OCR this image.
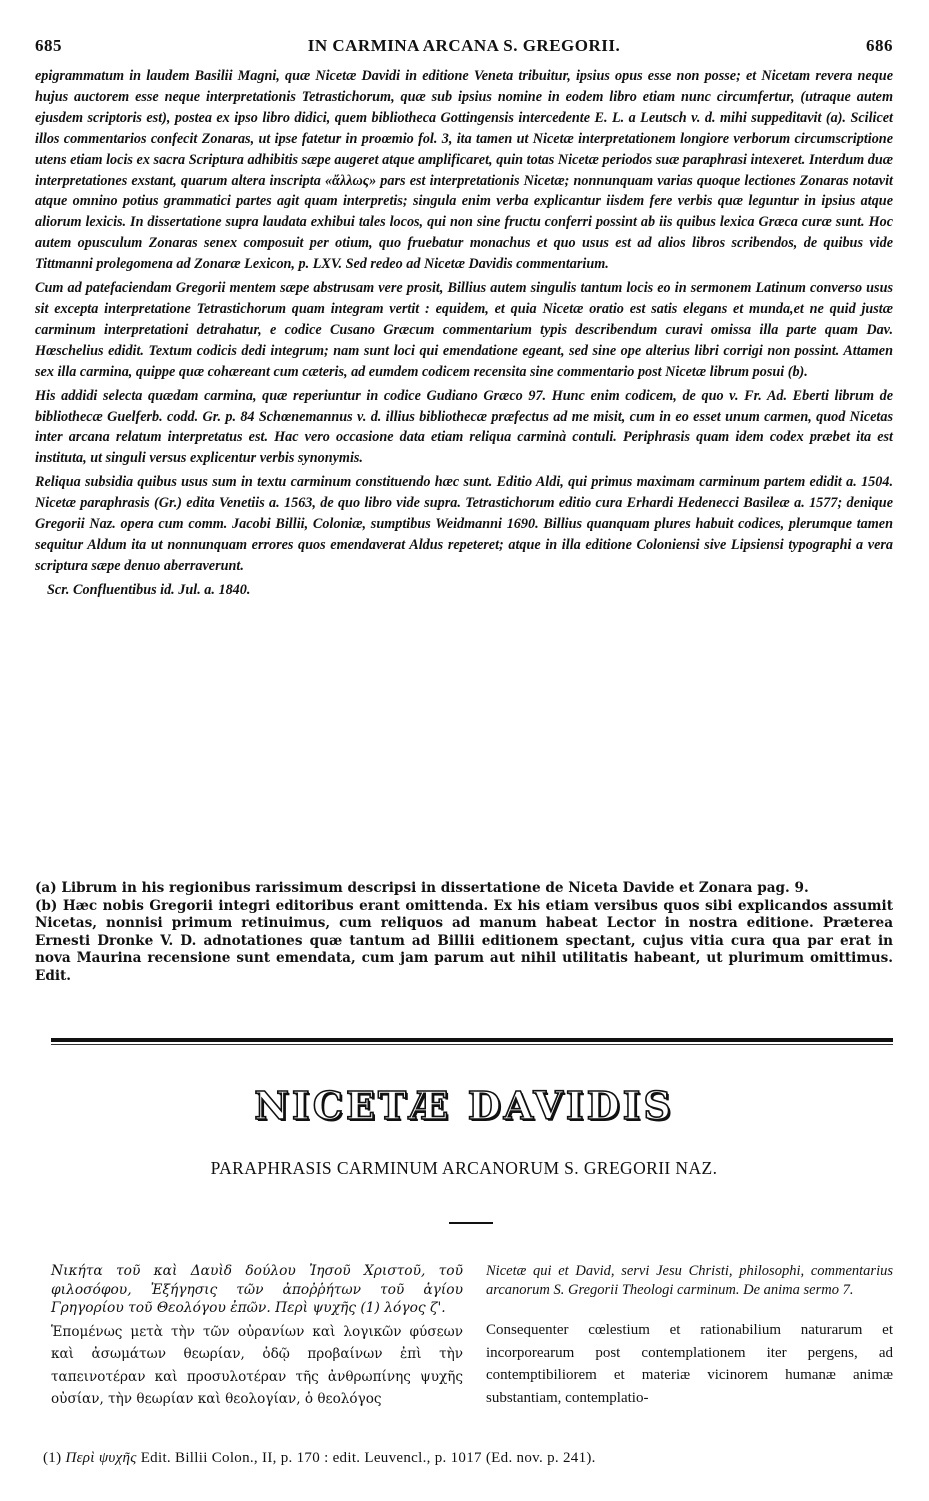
685	IN CARMINA ARCANA S. GREGORII.	686

epigrammatum in laudem Basilii Magni, quæ Nicetæ Davidi in editione Veneta tribuitur, ipsius opus esse non posse; et Nicetam revera neque hujus auctorem esse neque interpretationis Tetrastichorum, quæ sub ipsius nomine in eodem libro etiam nunc circumfertur, (utraque autem ejusdem scriptoris est), postea ex ipso libro didici, quem bibliotheca Gottingensis intercedente E. L. a Leutsch v. d. mihi suppeditavit (a). Scilicet illos commentarios confecit Zonaras, ut ipse fatetur in proœmio fol. 3, ita tamen ut Nicetæ interpretationem longiore verborum circumscriptione utens etiam locis ex sacra Scriptura adhibitis sæpe augeret atque amplificaret, quin totas Nicetæ periodos suæ paraphrasi intexeret. Interdum duæ interpretationes exstant, quarum altera inscripta «ἄλλως» pars est interpretationis Nicetæ; nonnunquam varias quoque lectiones Zonaras notavit atque omnino potius grammatici partes agit quam interpretis; singula enim verba explicantur iisdem fere verbis quæ leguntur in ipsius atque aliorum lexicis. In dissertatione supra laudata exhibui tales locos, qui non sine fructu conferri possint ab iis quibus lexica Græca curæ sunt. Hoc autem opusculum Zonaras senex composuit per otium, quo fruebatur monachus et quo usus est ad alios libros scribendos, de quibus vide Tittmanni prolegomena ad Zonaræ Lexicon, p. LXV. Sed redeo ad Nicetæ Davidis commentarium.

Cum ad patefaciendam Gregorii mentem sæpe abstrusam vere prosit, Billius autem singulis tantum locis eo in sermonem Latinum converso usus sit excepta interpretatione Tetrastichorum quam integram vertit : equidem, et quia Nicetæ oratio est satis elegans et munda,et ne quid justæ carminum interpretationi detrahatur, e codice Cusano Græcum commentarium typis describendum curavi omissa illa parte quam Dav. Hœschelius edidit. Textum codicis dedi integrum; nam sunt loci qui emendatione egeant, sed sine ope alterius libri corrigi non possint. Attamen sex illa carmina, quippe quæ cohæreant cum cæteris, ad eumdem codicem recensita sine commentario post Nicetæ librum posui (b).

His addidi selecta quædam carmina, quæ reperiuntur in codice Gudiano Græco 97. Hunc enim codicem, de quo v. Fr. Ad. Eberti librum de bibliothecæ Guelferb. codd. Gr. p. 84 Schœnemannus v. d. illius bibliothecæ præfectus ad me misit, cum in eo esset unum carmen, quod Nicetas inter arcana relatum interpretatus est. Hac vero occasione data etiam reliqua carminà contuli. Periphrasis quam idem codex præbet ita est instituta, ut singuli versus explicentur verbis synonymis.

Reliqua subsidia quibus usus sum in textu carminum constituendo hæc sunt. Editio Aldi, qui primus maximam carminum partem edidit a. 1504. Nicetæ paraphrasis (Gr.) edita Venetiis a. 1563, de quo libro vide supra. Tetrastichorum editio cura Erhardi Hedenecci Basileæ a. 1577; denique Gregorii Naz. opera cum comm. Jacobi Billii, Coloniæ, sumptibus Weidmanni 1690. Billius quanquam plures habuit codices, plerumque tamen sequitur Aldum ita ut nonnunquam errores quos emendaverat Aldus repeteret; atque in illa editione Coloniensi sive Lipsiensi typographi a vera scriptura sæpe denuo aberraverunt.

Scr. Confluentibus id. Jul. a. 1840.

(a) Librum in his regionibus rarissimum descripsi in dissertatione de Niceta Davide et Zonara pag. 9.

(b) Hæc nobis Gregorii integri editoribus erant omittenda. Ex his etiam versibus quos sibi explicandos assumit Nicetas, nonnisi primum retinuimus, cum reliquos ad manum habeat Lector in nostra editione. Præterea Ernesti Dronke V. D. adnotationes quæ tantum ad Billii editionem spectant, cujus vitia cura qua par erat in nova Maurina recensione sunt emendata, cum jam parum aut nihil utilitatis habeant, ut plurimum omittimus. Edit.

NICETÆ DAVIDIS
PARAPHRASIS CARMINUM ARCANORUM S. GREGORII NAZ.

Νικήτα τοῦ καὶ Δαυὶδ δούλου Ἰησοῦ Χριστοῦ, τοῦ φιλοσόφου, Ἐξήγησις τῶν ἀποῤῥήτων τοῦ ἁγίου Γρηγορίου τοῦ Θεολόγου ἐπῶν. Περὶ ψυχῆς (1) λόγος ζ'.

Ἑπομένως μετὰ τὴν τῶν οὐρανίων καὶ λογικῶν φύσεων καὶ ἀσωμάτων θεωρίαν, ὁδῷ προβαίνων ἐπὶ τὴν ταπεινοτέραν καὶ προσυλοτέραν τῆς ἀνθρωπίνης ψυχῆς οὐσίαν, τὴν θεωρίαν καὶ θεολογίαν, ὁ θεολόγος

Nicetæ qui et David, servi Jesu Christi, philosophi, commentarius arcanorum S. Gregorii Theologi carminum. De anima sermo 7.

Consequenter cœlestium et rationabilium naturarum et incorporearum post contemplationem iter pergens, ad contemptibiliorem et materiæ vicinorem humanæ animæ substantiam, contemplatio-

(1) Περὶ ψυχῆς Edit. Billii Colon., II, p. 170 : edit. Leuvencl., p. 1017 (Ed. nov. p. 241).
